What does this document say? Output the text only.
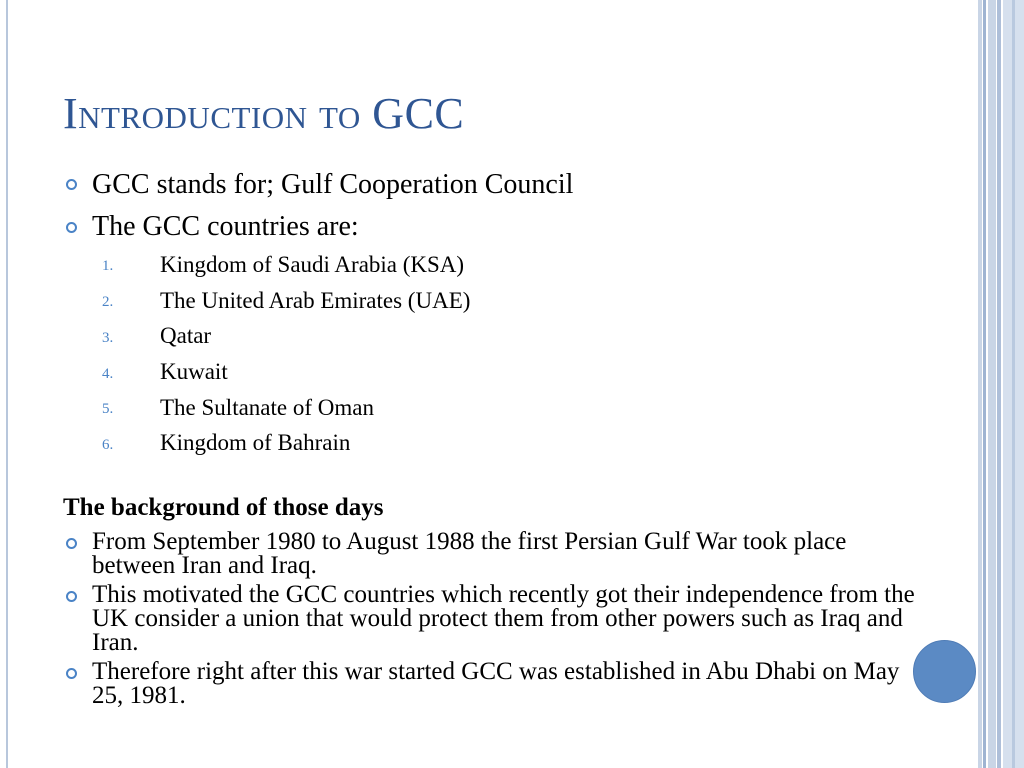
Introduction to GCC
GCC stands for; Gulf Cooperation Council
The GCC countries are:
1.	Kingdom of Saudi Arabia (KSA)
2.	The United Arab Emirates (UAE)
3.	Qatar
4.	Kuwait
5.	The Sultanate of Oman
6.	Kingdom of Bahrain
The background of those days
From September 1980 to August 1988 the first Persian Gulf War took place between Iran and Iraq.
This motivated the GCC countries which recently got their independence from the UK consider a union that would protect them from other powers such as Iraq and Iran.
Therefore right after this war started GCC was established in Abu Dhabi on May 25, 1981.
